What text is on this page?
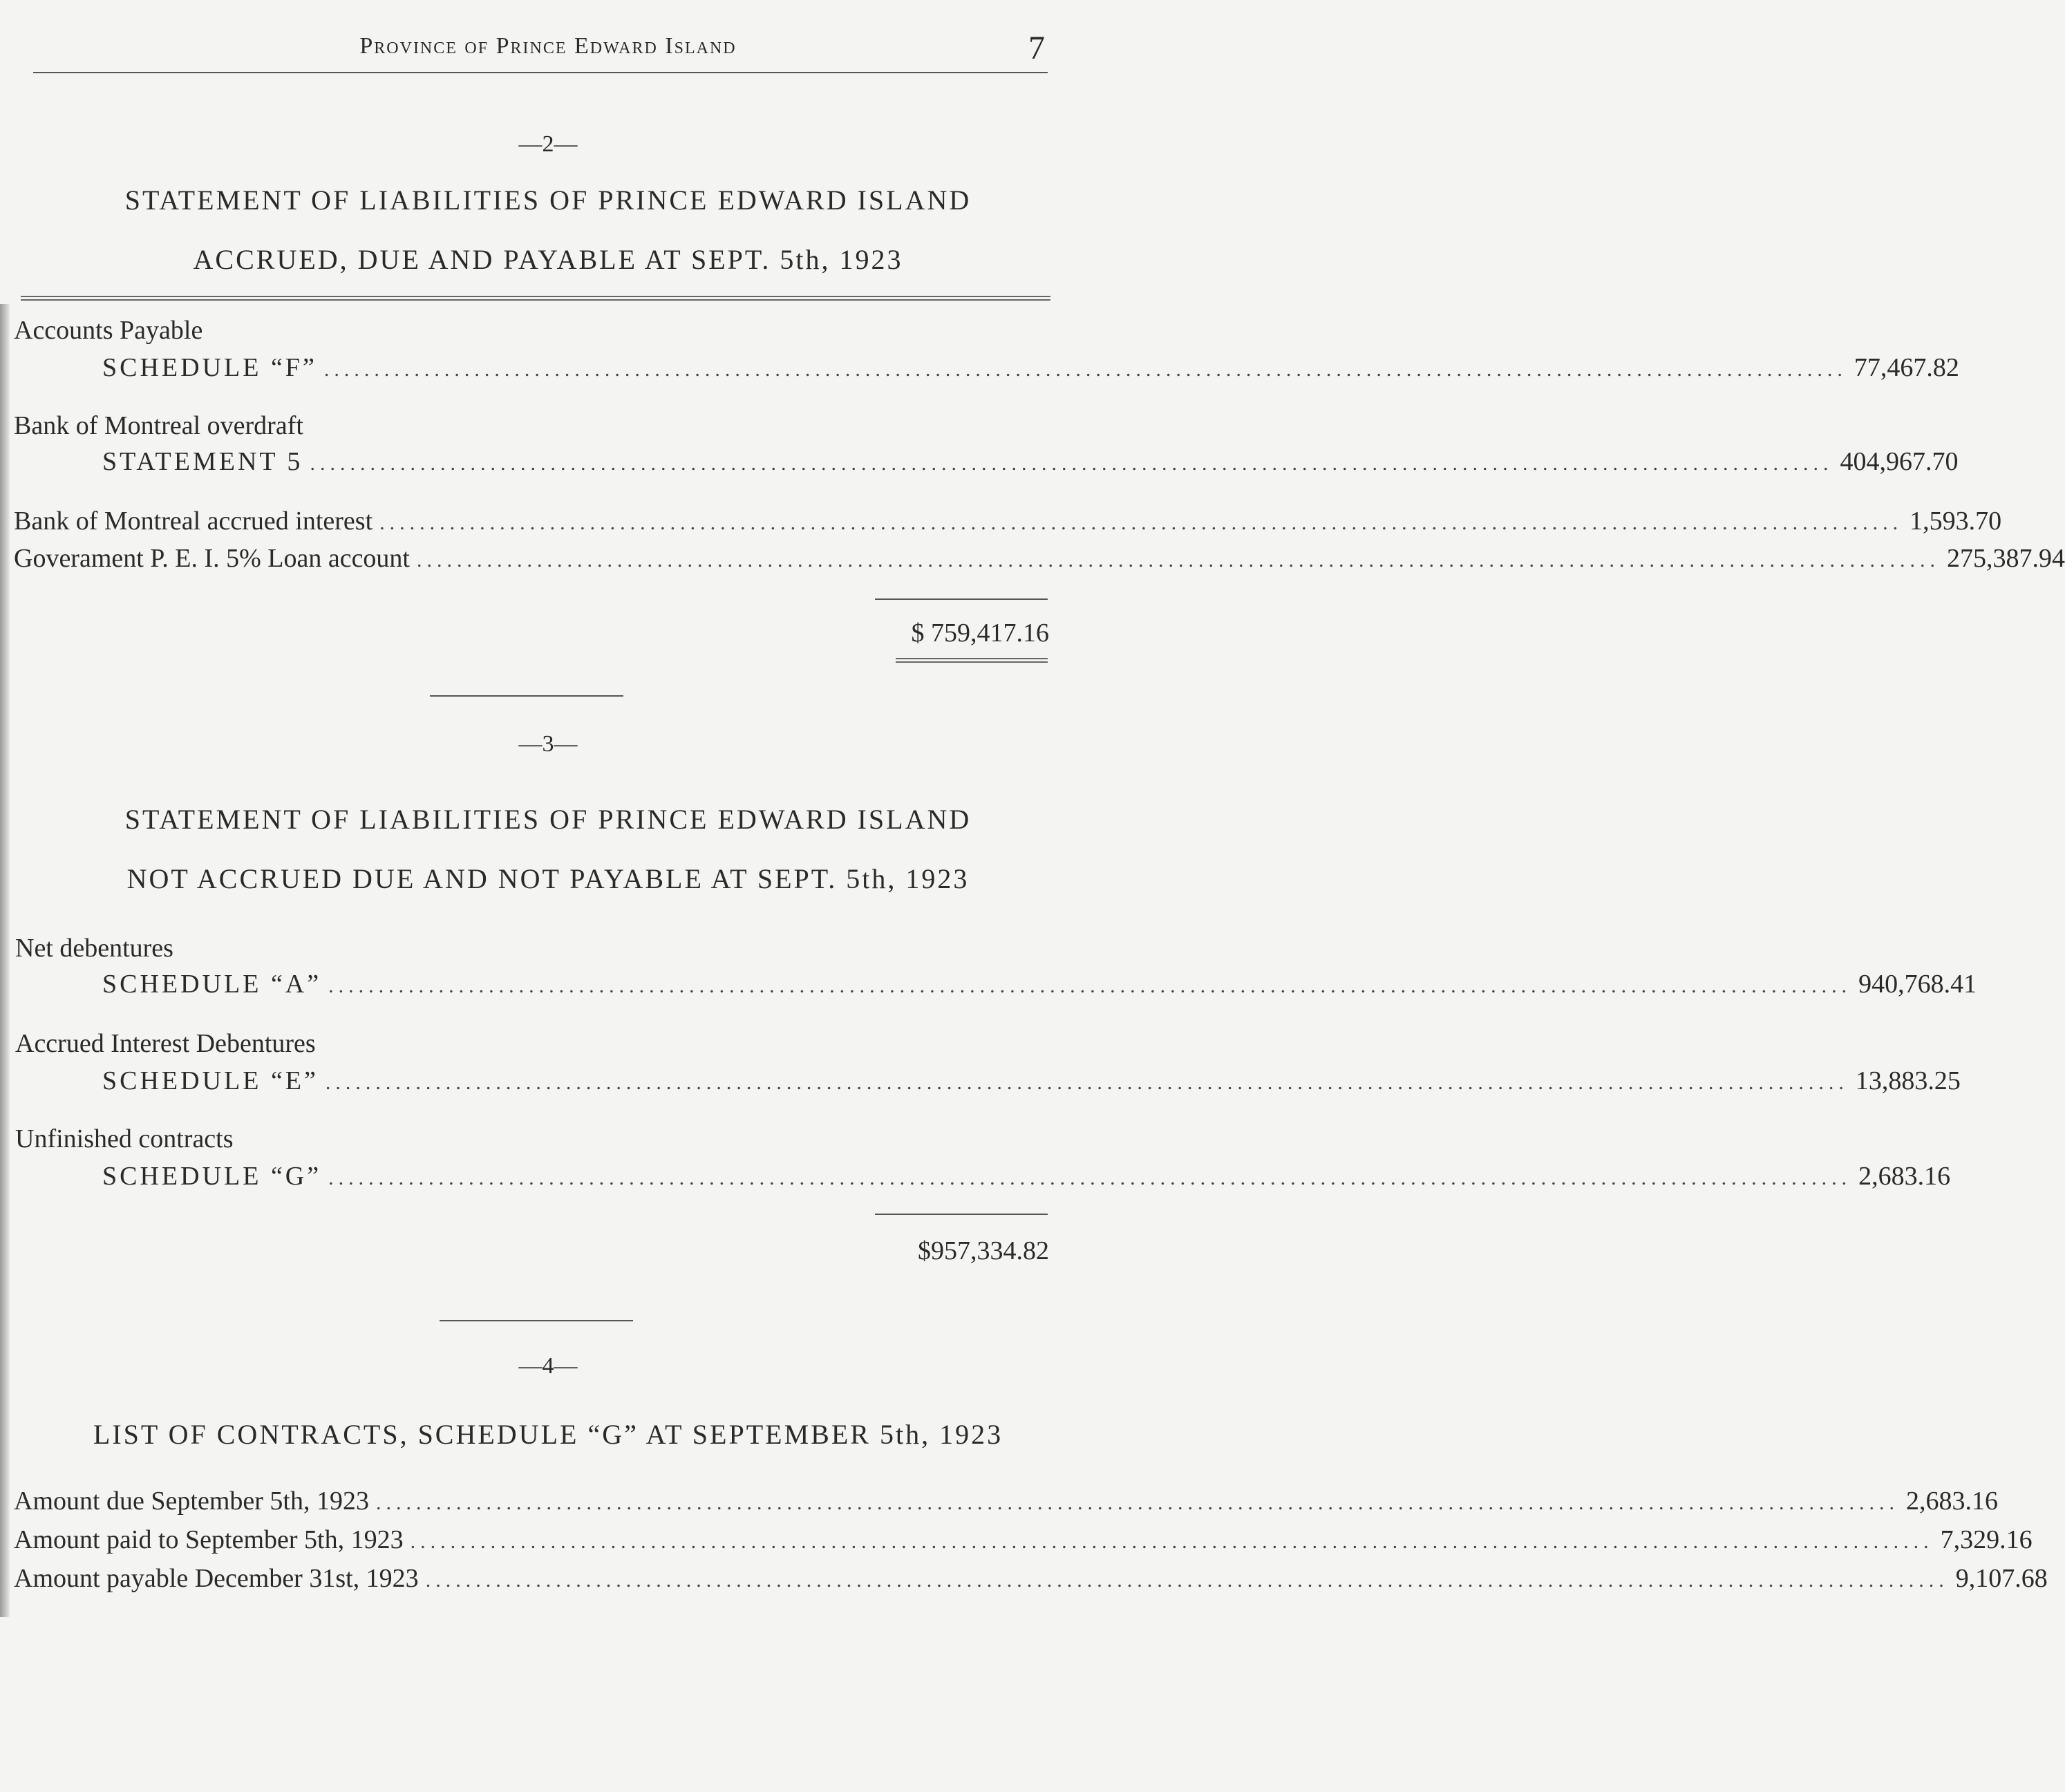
Province of Prince Edward Island	7
—2—
STATEMENT OF LIABILITIES OF PRINCE EDWARD ISLAND
ACCRUED, DUE AND PAYABLE AT SEPT. 5th, 1923
Accounts Payable
SCHEDULE “F” ........................................................................................................................................................ 77,467.82
Bank of Montreal overdraft
STATEMENT 5 ........................................................................................................................................................ 404,967.70
Bank of Montreal accrued interest ........................................................................................................................................................ 1,593.70
Goverament P. E. I. 5% Loan account ........................................................................................................................................................ 275,387.94
$ 759,417.16
—3—
STATEMENT OF LIABILITIES OF PRINCE EDWARD ISLAND
NOT ACCRUED DUE AND NOT PAYABLE AT SEPT. 5th, 1923
Net debentures
SCHEDULE “A” ........................................................................................................................................................ 940,768.41
Accrued Interest Debentures
SCHEDULE “E” ........................................................................................................................................................ 13,883.25
Unfinished contracts
SCHEDULE “G” ........................................................................................................................................................ 2,683.16
$957,334.82
—4—
LIST OF CONTRACTS, SCHEDULE “G” AT SEPTEMBER 5th, 1923
Amount due September 5th, 1923 ........................................................................................................................................................ 2,683.16
Amount paid to September 5th, 1923 ........................................................................................................................................................ 7,329.16
Amount payable December 31st, 1923 ........................................................................................................................................................ 9,107.68
